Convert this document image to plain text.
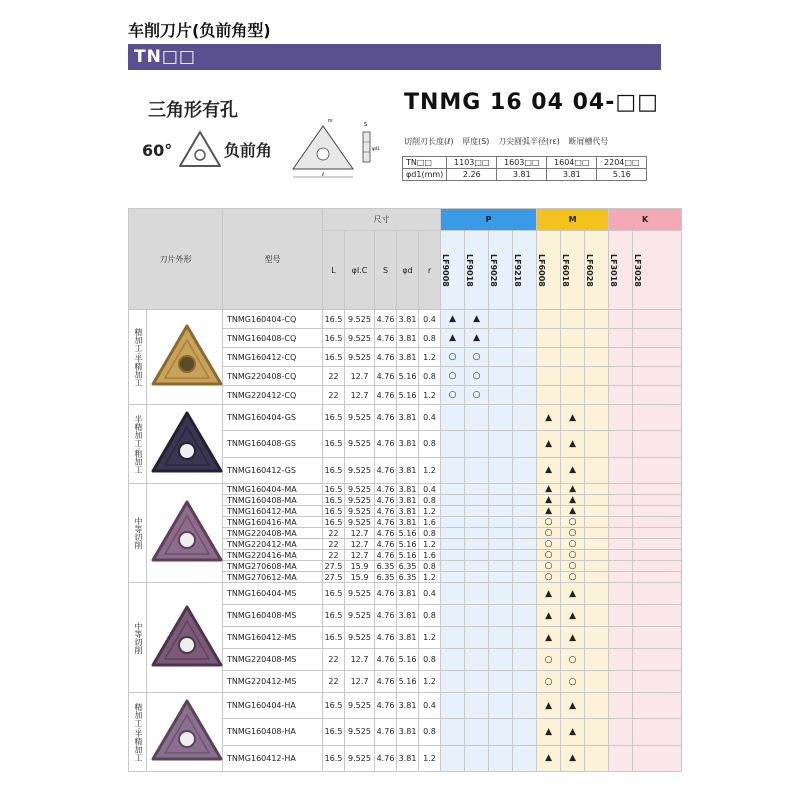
车削刀片(负前角型)
TN□□
三角形有孔
60°	负前角
ℓ
rε
S
φd1
TNMG 16 04 04-□□
切削刃长度(ℓ) 厚度(S) 刀尖圆弧半径(rε) 断屑槽代号
TN□□	1103□□	1603□□	1604□□	2204□□
φd1(mm)	2.26	3.81	3.81	5.16
刀片外形		型号	尺寸					P				M			K	
			L	φI.C	S	φd	r	LF9008	LF9018	LF9028	LF9218	LF6008	LF6018	LF6028	LF3018	LF3028

精加工·半精加工		TNMG160404-CQ	16.5	9.525	4.76	3.81	0.4	▲	▲							
		TNMG160408-CQ	16.5	9.525	4.76	3.81	0.8	▲	▲							
		TNMG160412-CQ	16.5	9.525	4.76	3.81	1.2	○	○							
		TNMG220408-CQ	22	12.7	4.76	5.16	0.8	○	○							
		TNMG220412-CQ	22	12.7	4.76	5.16	1.2	○	○							

半精加工·粗加工		TNMG160404-GS	16.5	9.525	4.76	3.81	0.4					▲	▲			
		TNMG160408-GS	16.5	9.525	4.76	3.81	0.8					▲	▲			
		TNMG160412-GS	16.5	9.525	4.76	3.81	1.2					▲	▲			

中等切削		TNMG160404-MA	16.5	9.525	4.76	3.81	0.4					▲	▲			
		TNMG160408-MA	16.5	9.525	4.76	3.81	0.8					▲	▲			
		TNMG160412-MA	16.5	9.525	4.76	3.81	1.2					▲	▲			
		TNMG160416-MA	16.5	9.525	4.76	3.81	1.6					○	○			
		TNMG220408-MA	22	12.7	4.76	5.16	0.8					○	○			
		TNMG220412-MA	22	12.7	4.76	5.16	1.2					○	○			
		TNMG220416-MA	22	12.7	4.76	5.16	1.6					○	○			
		TNMG270608-MA	27.5	15.9	6.35	6.35	0.8					○	○			
		TNMG270612-MA	27.5	15.9	6.35	6.35	1.2					○	○			

中等切削		TNMG160404-MS	16.5	9.525	4.76	3.81	0.4					▲	▲			
		TNMG160408-MS	16.5	9.525	4.76	3.81	0.8					▲	▲			
		TNMG160412-MS	16.5	9.525	4.76	3.81	1.2					▲	▲			
		TNMG220408-MS	22	12.7	4.76	5.16	0.8					○	○			
		TNMG220412-MS	22	12.7	4.76	5.16	1.2					○	○			

精加工·半精加工		TNMG160404-HA	16.5	9.525	4.76	3.81	0.4					▲	▲			
		TNMG160408-HA	16.5	9.525	4.76	3.81	0.8					▲	▲			
		TNMG160412-HA	16.5	9.525	4.76	3.81	1.2					▲	▲			
